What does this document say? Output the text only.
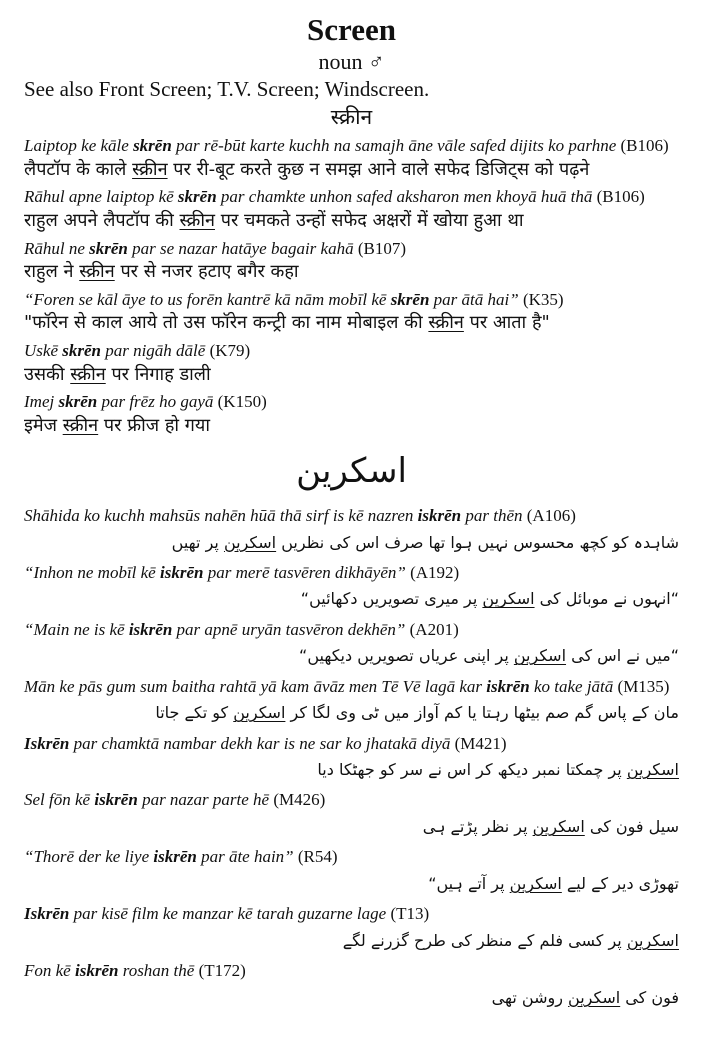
Screen

noun ♂

See also Front Screen; T.V. Screen; Windscreen.

स्क्रीन

Laiptop ke kāle skrēn par rē-būt karte kuchh na samajh āne vāle safed dijits ko parhne (B106)

लैपटॉप के काले स्क्रीन पर री-बूट करते कुछ न समझ आने वाले सफेद डिजिट्स को पढ़ने

Rāhul apne laiptop kē skrēn par chamkte unhon safed aksharon men khoyā huā thā (B106)

राहुल अपने लैपटॉप की स्क्रीन पर चमकते उन्हों सफेद अक्षरों में खोया हुआ था

Rāhul ne skrēn par se nazar hatāye bagair kahā (B107)

राहुल ने स्क्रीन पर से नजर हटाए बगैर कहा

“Foren se kāl āye to us forēn kantrē kā nām mobīl kē skrēn par ātā hai” (K35)

"फॉरेन से काल आये तो उस फॉरेन कन्ट्री का नाम मोबाइल की स्क्रीन पर आता है"

Uskē skrēn par nigāh dālē (K79)

उसकी स्क्रीन पर निगाह डाली

Imej skrēn par frēz ho gayā (K150)

इमेज स्क्रीन पर फ्रीज हो गया

اسکرین

Shāhida ko kuchh mahsūs nahēn hūā thā sirf is kē nazren iskrēn par thēn (A106)

شاہدہ کو کچھ محسوس نہیں ہوا تھا صرف اس کی نظریں اسکرین پر تھیں

“Inhon ne mobīl kē iskrēn par merē tasvēren dikhāyēn” (A192)

“انہوں نے موبائل کی اسکرین پر میری تصویریں دکھائیں“

“Main ne is kē iskrēn par apnē uryān tasvēron dekhēn” (A201)

“میں نے اس کی اسکرین پر اپنی عریاں تصویریں دیکھیں“

Mān ke pās gum sum baitha rahtā yā kam āvāz men Tē Vē lagā kar iskrēn ko take jātā (M135)

مان کے پاس گم صم بیٹھا رہتا یا کم آواز میں ٹی وی لگا کر اسکرین کو تکے جاتا

Iskrēn par chamktā nambar dekh kar is ne sar ko jhatakā diyā (M421)

اسکرین پر چمکتا نمبر دیکھ کر اس نے سر کو جھٹکا دیا

Sel fōn kē iskrēn par nazar parte hē (M426)

سیل فون کی اسکرین پر نظر پڑتے ہی

“Thorē der ke liye iskrēn par āte hain” (R54)

تھوڑی دیر کے لیے اسکرین پر آتے ہیں“

Iskrēn par kisē film ke manzar kē tarah guzarne lage (T13)

اسکرین پر کسی فلم کے منظر کی طرح گزرنے لگے

Fon kē iskrēn roshan thē (T172)

فون کی اسکرین روشن تھی
